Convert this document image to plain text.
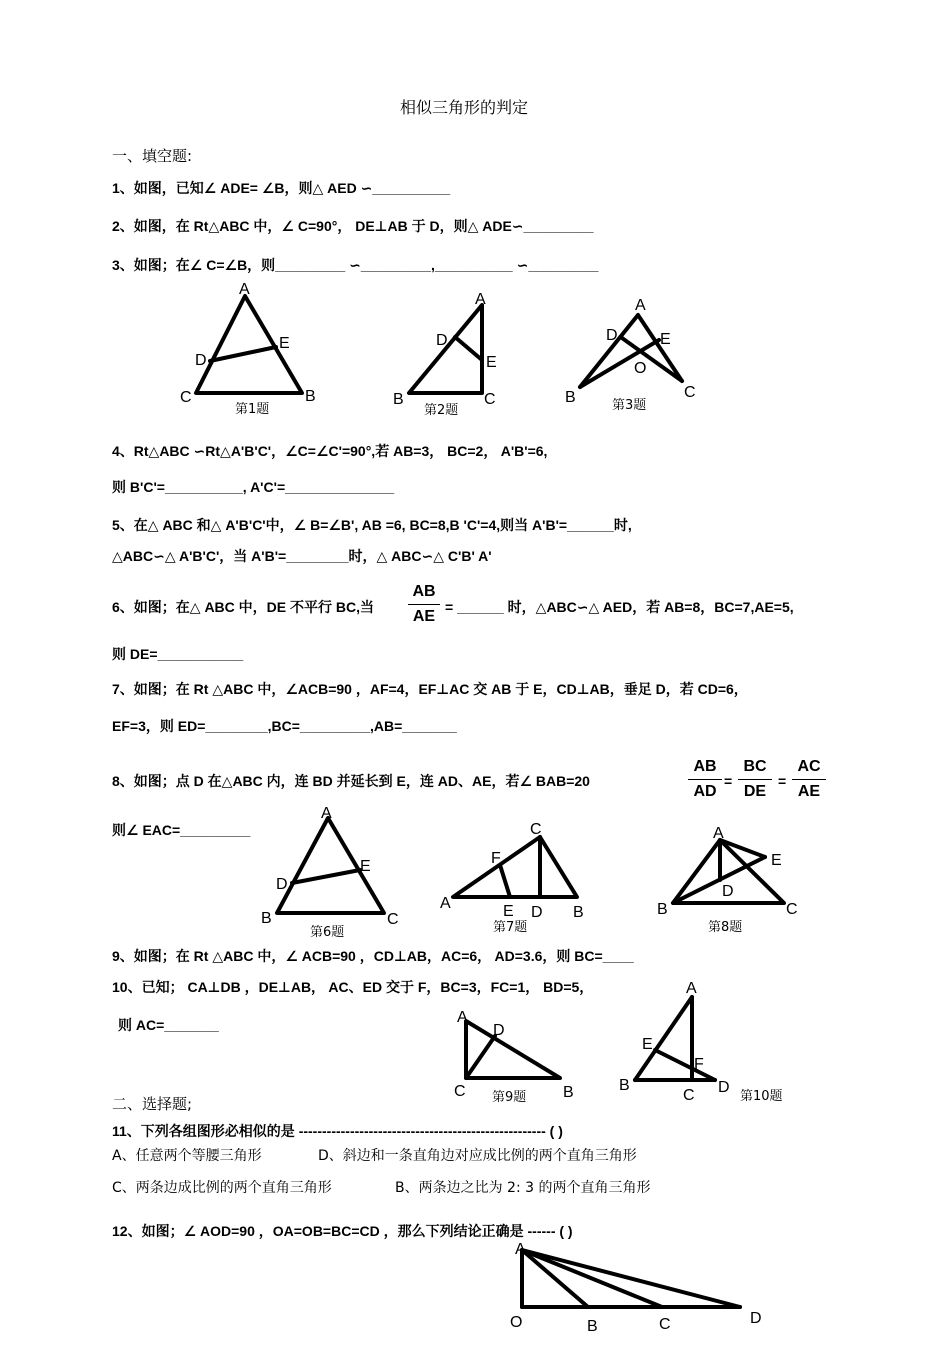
相似三角形的判定
一、填空题:
1、如图，已知∠ ADE= ∠B，则△ AED ∽__________
2、如图，在 Rt△ABC 中，∠ C=90°， DE⊥AB 于 D，则△ ADE∽_________
3、如图；在∠ C=∠B，则_________ ∽_________,__________ ∽_________
4、Rt△ABC ∽Rt△A'B'C'，∠C=∠C'=90°,若 AB=3， BC=2， A'B'=6,
则 B'C'=__________, A'C'=______________
5、在△ ABC 和△ A'B'C'中，∠ B=∠B', AB =6, BC=8,B 'C'=4,则当 A'B'=______时,
△ABC∽△ A'B'C'，当 A'B'=________时，△ ABC∽△ C'B' A'
6、如图；在△ ABC 中，DE 不平行 BC,当
AB
AE
= ______ 时，△ABC∽△ AED，若 AB=8，BC=7,AE=5,
则 DE=___________
7、如图；在 Rt △ABC 中，∠ACB=90 ，AF=4，EF⊥AC 交 AB 于 E，CD⊥AB，垂足 D，若 CD=6，
EF=3，则 ED=________,BC=_________,AB=_______
8、如图；点 D 在△ABC 内，连 BD 并延长到 E，连 AD、AE，若∠ BAB=20
AB
AD
=
BC
DE
=
AC
AE
则∠ EAC=_________
9、如图；在 Rt △ABC 中，∠ ACB=90 ，CD⊥AB，AC=6， AD=3.6，则 BC=____
10、已知； CA⊥DB ，DE⊥AB， AC、ED 交于 F，BC=3，FC=1， BD=5，
则 AC=_______
二、选择题;
11、下列各组图形必相似的是 ----------------------------------------------------- ( )
A、任意两个等腰三角形	D、斜边和一条直角边对应成比例的两个直角三角形
C、两条边成比例的两个直角三角形	B、两条边之比为 2: 3 的两个直角三角形
12、如图；∠ AOD=90 ，OA=OB=BC=CD ，那么下列结论正确是 ------ ( )
A
D
E
C	B
第1题
A
D
E
B	C
第2题
A
D	E
O
B	C
第3题
A
D
E
B	C
第6题
C
F
A	E D B
第7题
A
E
D
B	C
第8题
A
D
C	B
第9题
A
E
F
B
C D
第10题
A
O	B	C	D
